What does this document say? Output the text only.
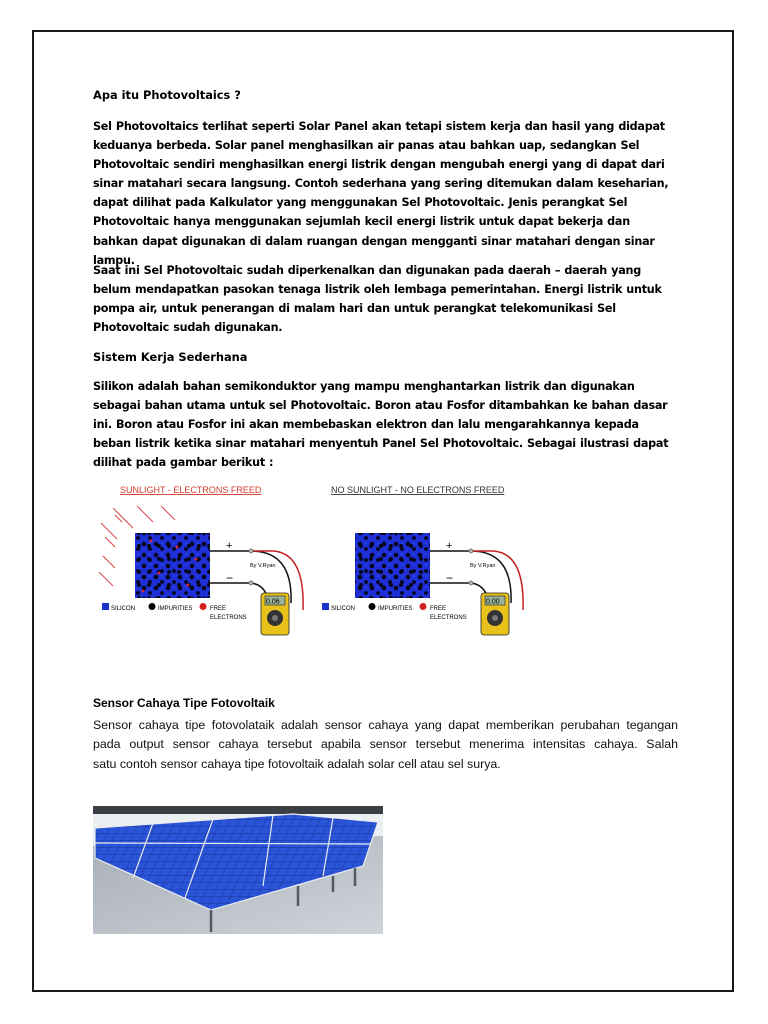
Apa itu Photovoltaics ?

Sel Photovoltaics terlihat seperti Solar Panel akan tetapi sistem kerja dan hasil yang didapat keduanya berbeda. Solar panel menghasilkan air panas atau bahkan uap, sedangkan Sel Photovoltaic sendiri menghasilkan energi listrik dengan mengubah energi yang di dapat dari sinar matahari secara langsung. Contoh sederhana yang sering ditemukan dalam keseharian, dapat dilihat pada Kalkulator yang menggunakan Sel Photovoltaic. Jenis perangkat Sel Photovoltaic hanya menggunakan sejumlah kecil energi listrik untuk dapat bekerja dan bahkan dapat digunakan di dalam ruangan dengan mengganti sinar matahari dengan sinar lampu.

Saat ini Sel Photovoltaic sudah diperkenalkan dan digunakan pada daerah – daerah yang belum mendapatkan pasokan tenaga listrik oleh lembaga pemerintahan. Energi listrik untuk pompa air, untuk penerangan di malam hari dan untuk perangkat telekomunikasi Sel Photovoltaic sudah digunakan.

Sistem Kerja Sederhana

Silikon adalah bahan semikonduktor yang mampu menghantarkan listrik dan digunakan sebagai bahan utama untuk sel Photovoltaic. Boron atau Fosfor ditambahkan ke bahan dasar ini. Boron atau Fosfor ini akan membebaskan elektron dan lalu mengarahkannya kepada beban listrik ketika sinar matahari menyentuh Panel Sel Photovoltaic. Sebagai ilustrasi dapat dilihat pada gambar berikut :

SUNLIGHT - ELECTRONS FREED
+
−
By V.Ryan
0.06
SILICON	IMPURITIES	FREE
ELECTRONS
NO SUNLIGHT - NO ELECTRONS FREED
+
−
By V.Ryan
0.00
SILICON	IMPURITIES	FREE
ELECTRONS
Sensor Cahaya Tipe Fotovoltaik
Sensor cahaya tipe fotovolataik adalah sensor cahaya yang dapat memberikan perubahan tegangan
pada output sensor cahaya tersebut apabila sensor tersebut menerima intensitas cahaya. Salah
satu contoh sensor cahaya tipe fotovoltaik adalah solar cell atau sel surya.
